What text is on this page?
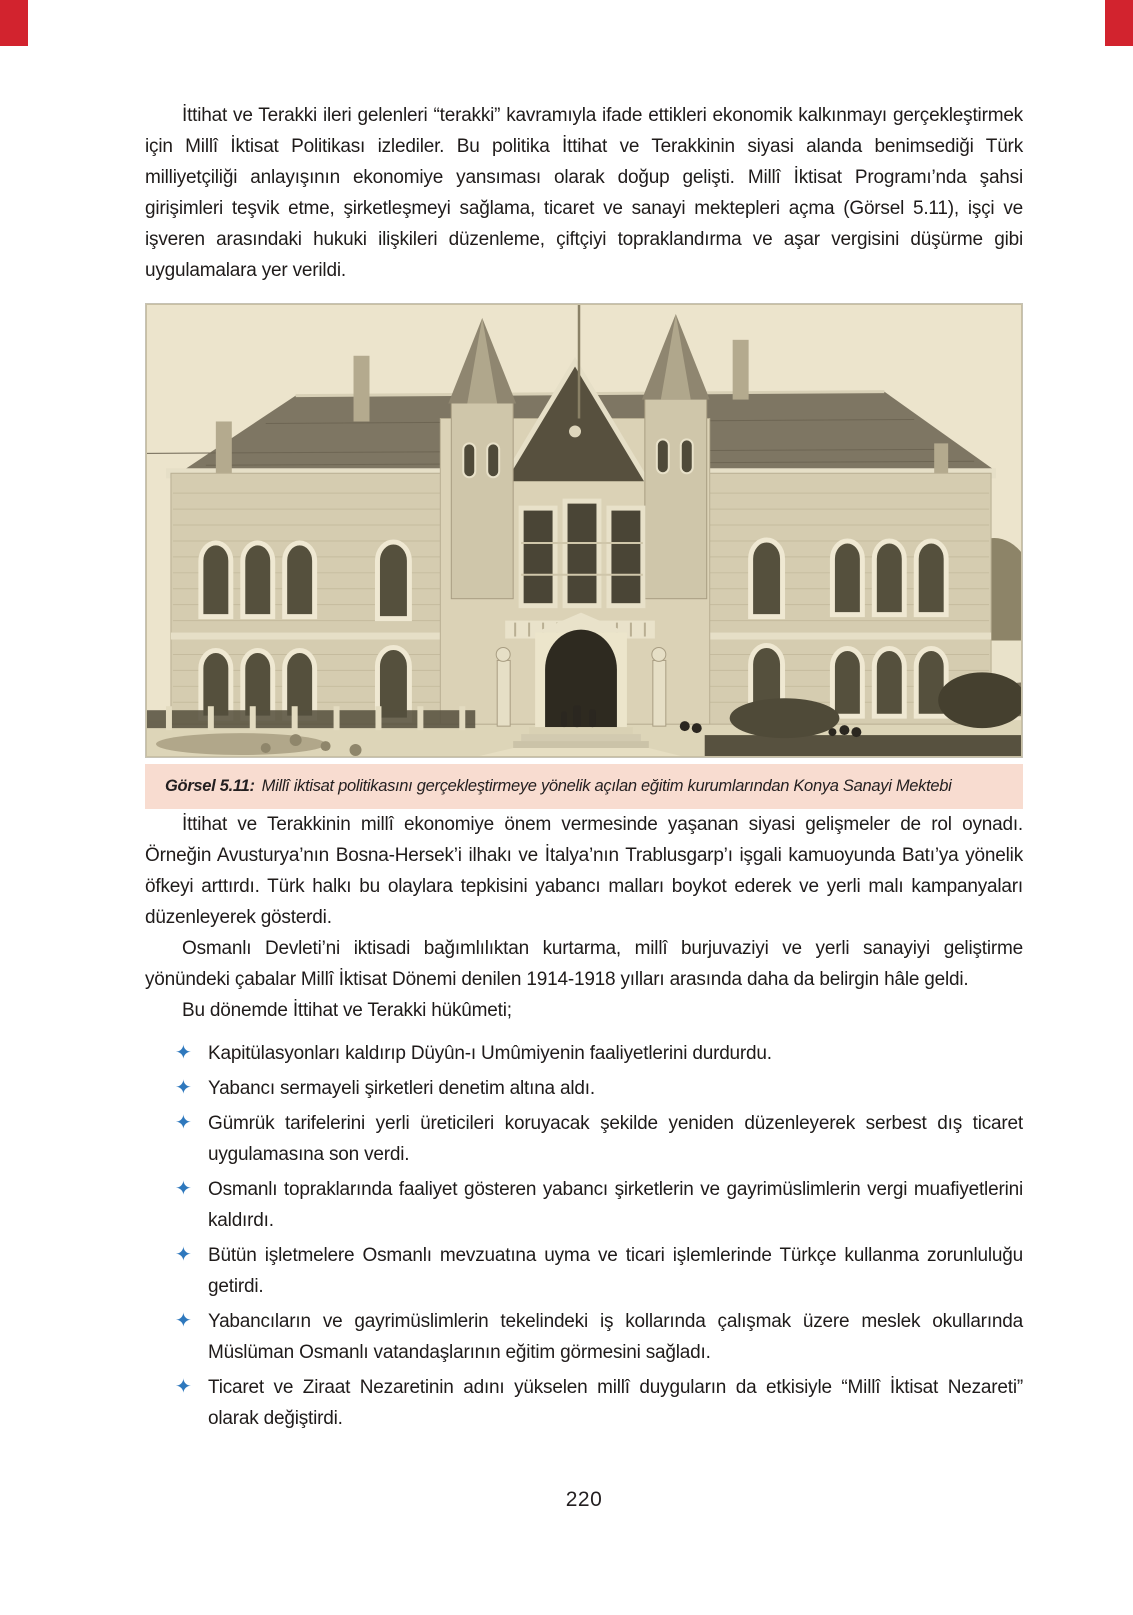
İttihat ve Terakki ileri gelenleri “terakki” kavramıyla ifade ettikleri ekonomik kalkınmayı gerçekleştirmek için Millî İktisat Politikası izlediler. Bu politika İttihat ve Terakkinin siyasi alanda benimsediği Türk milliyetçiliği anlayışının ekonomiye yansıması olarak doğup gelişti. Millî İktisat Programı’nda şahsi girişimleri teşvik etme, şirketleşmeyi sağlama, ticaret ve sanayi mektepleri açma (Görsel 5.11), işçi ve işveren arasındaki hukuki ilişkileri düzenleme, çiftçiyi topraklandırma ve aşar vergisini düşürme gibi uygulamalara yer verildi.

Görsel 5.11: Millî iktisat politikasını gerçekleştirmeye yönelik açılan eğitim kurumlarından Konya Sanayi Mektebi

İttihat ve Terakkinin millî ekonomiye önem vermesinde yaşanan siyasi gelişmeler de rol oynadı. Örneğin Avusturya’nın Bosna-Hersek’i ilhakı ve İtalya’nın Trablusgarp’ı işgali kamuoyunda Batı’ya yönelik öfkeyi arttırdı. Türk halkı bu olaylara tepkisini yabancı malları boykot ederek ve yerli malı kampanyaları düzenleyerek gösterdi.

Osmanlı Devleti’ni iktisadi bağımlılıktan kurtarma, millî burjuvaziyi ve yerli sanayiyi geliştirme yönündeki çabalar Millî İktisat Dönemi denilen 1914-1918 yılları arasında daha da belirgin hâle geldi.

Bu dönemde İttihat ve Terakki hükûmeti;

✦ Kapitülasyonları kaldırıp Düyûn-ı Umûmiyenin faaliyetlerini durdurdu.
✦ Yabancı sermayeli şirketleri denetim altına aldı.
✦ Gümrük tarifelerini yerli üreticileri koruyacak şekilde yeniden düzenleyerek serbest dış ticaret uygulamasına son verdi.
✦ Osmanlı topraklarında faaliyet gösteren yabancı şirketlerin ve gayrimüslimlerin vergi muafiyetlerini kaldırdı.
✦ Bütün işletmelere Osmanlı mevzuatına uyma ve ticari işlemlerinde Türkçe kullanma zorunluluğu getirdi.
✦ Yabancıların ve gayrimüslimlerin tekelindeki iş kollarında çalışmak üzere meslek okullarında Müslüman Osmanlı vatandaşlarının eğitim görmesini sağladı.
✦ Ticaret ve Ziraat Nezaretinin adını yükselen millî duyguların da etkisiyle “Millî İktisat Nezareti” olarak değiştirdi.
220
